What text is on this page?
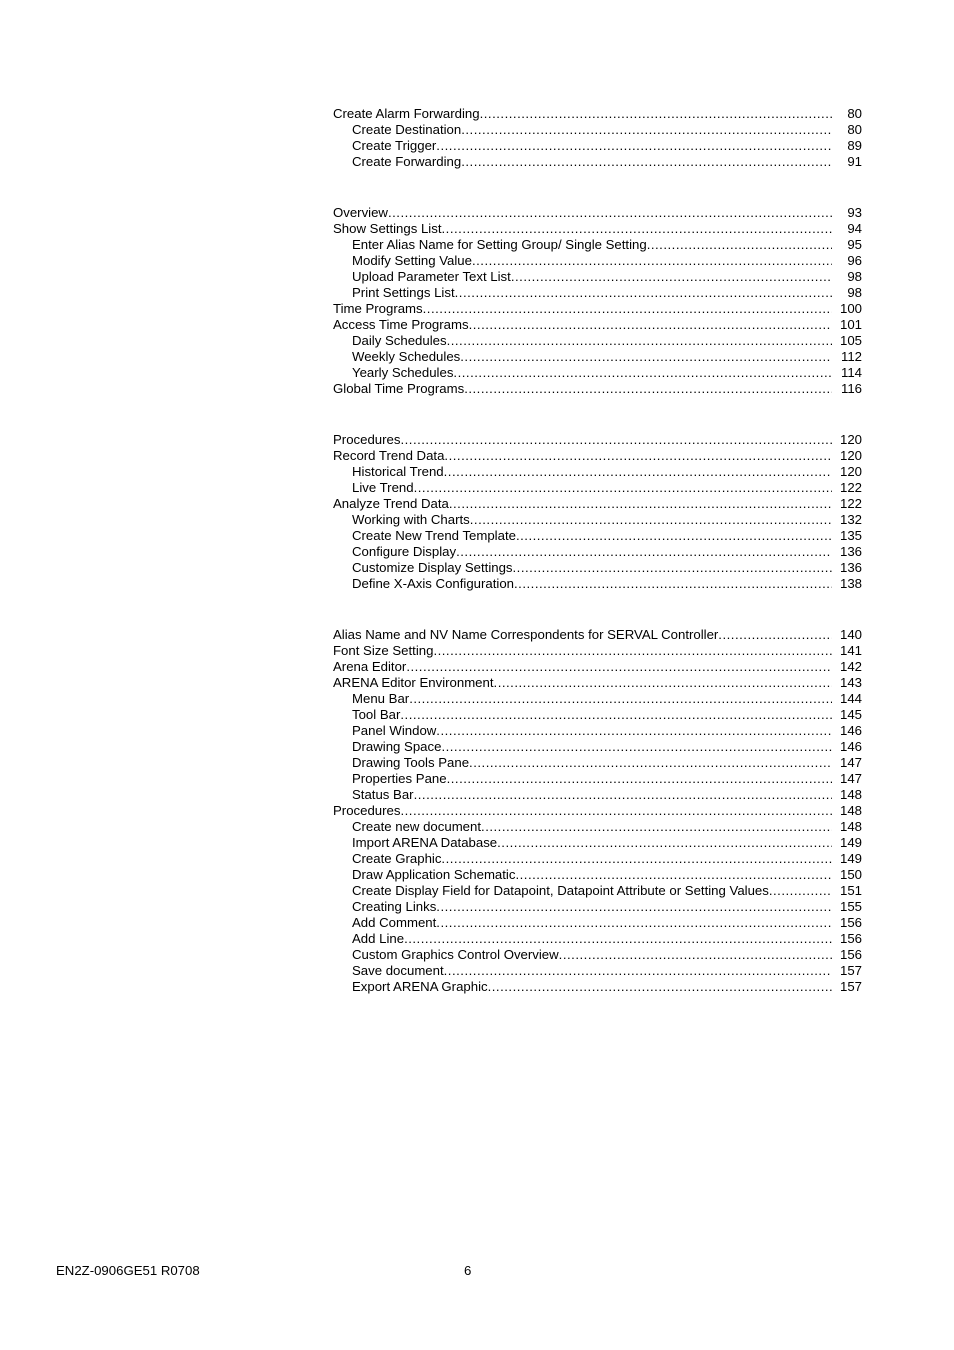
Create Alarm Forwarding .....	80
Create Destination .....	80
Create Trigger .....	89
Create Forwarding .....	91
Overview .....	93
Show Settings List .....	94
Enter Alias Name for Setting Group/ Single Setting .....	95
Modify Setting Value .....	96
Upload Parameter Text List .....	98
Print Settings List .....	98
Time Programs .....	100
Access Time Programs .....	101
Daily Schedules .....	105
Weekly Schedules .....	112
Yearly Schedules .....	114
Global Time Programs .....	116
Procedures .....	120
Record Trend Data .....	120
Historical Trend .....	120
Live Trend .....	122
Analyze Trend Data .....	122
Working with Charts .....	132
Create New Trend Template .....	135
Configure Display .....	136
Customize Display Settings .....	136
Define X-Axis Configuration .....	138
Alias Name and NV Name Correspondents for SERVAL Controller .....	140
Font Size Setting .....	141
Arena Editor .....	142
ARENA Editor Environment .....	143
Menu Bar .....	144
Tool Bar .....	145
Panel Window .....	146
Drawing Space .....	146
Drawing Tools Pane .....	147
Properties Pane .....	147
Status Bar .....	148
Procedures .....	148
Create new document .....	148
Import ARENA Database .....	149
Create Graphic .....	149
Draw Application Schematic .....	150
Create Display Field for Datapoint, Datapoint Attribute or Setting Values .....	151
Creating Links .....	155
Add Comment .....	156
Add Line .....	156
Custom Graphics Control Overview .....	156
Save document .....	157
Export ARENA Graphic .....	157
EN2Z-0906GE51 R0708	6
